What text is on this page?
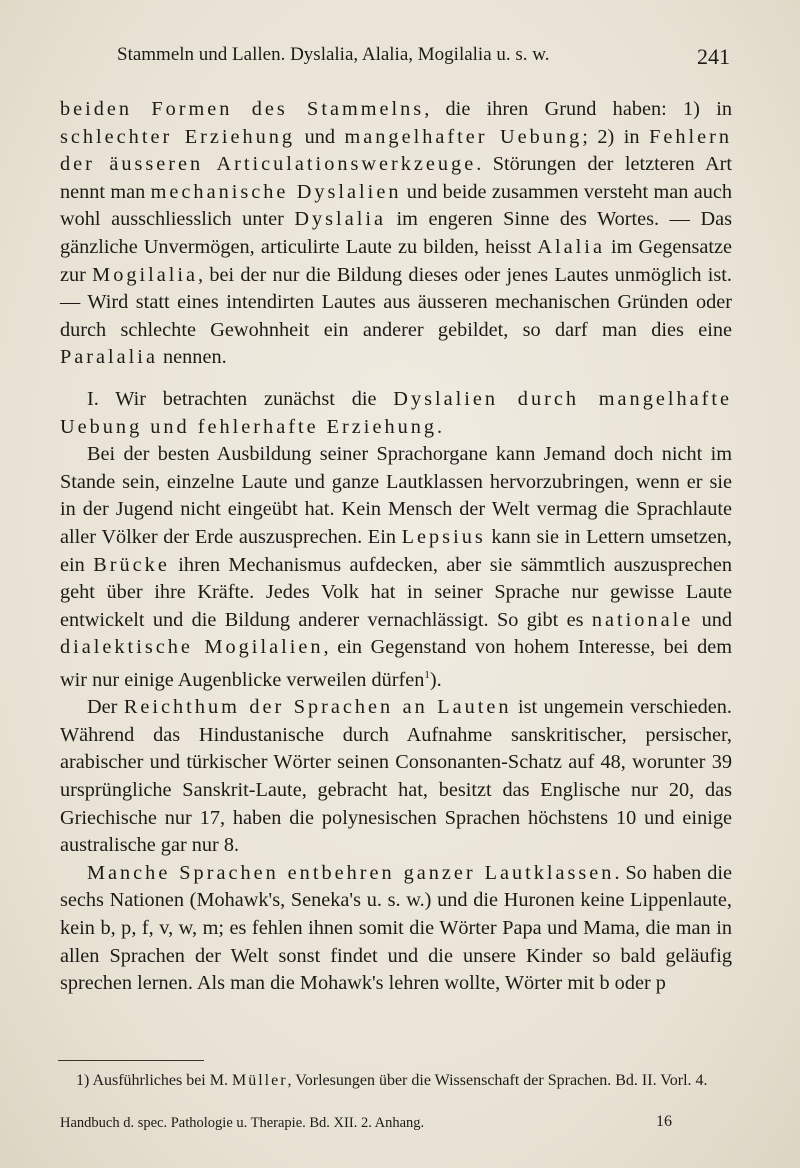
Stammeln und Lallen. Dyslalia, Alalia, Mogilalia u. s. w.	241

beiden Formen des Stammelns, die ihren Grund haben: 1) in schlechter Erziehung und mangelhafter Uebung; 2) in Fehlern der äusseren Articulationswerkzeuge. Störungen der letzteren Art nennt man mechanische Dyslalien und beide zusammen versteht man auch wohl ausschliesslich unter Dyslalia im engeren Sinne des Wortes. — Das gänzliche Unvermögen, articulirte Laute zu bilden, heisst Alalia im Gegensatze zur Mogilalia, bei der nur die Bildung dieses oder jenes Lautes unmöglich ist. — Wird statt eines intendirten Lautes aus äusseren mechanischen Gründen oder durch schlechte Gewohnheit ein anderer gebildet, so darf man dies eine Paralalia nennen.

I. Wir betrachten zunächst die Dyslalien durch mangelhafte Uebung und fehlerhafte Erziehung.

Bei der besten Ausbildung seiner Sprachorgane kann Jemand doch nicht im Stande sein, einzelne Laute und ganze Lautklassen hervorzubringen, wenn er sie in der Jugend nicht eingeübt hat. Kein Mensch der Welt vermag die Sprachlaute aller Völker der Erde auszusprechen. Ein Lepsius kann sie in Lettern umsetzen, ein Brücke ihren Mechanismus aufdecken, aber sie sämmtlich auszusprechen geht über ihre Kräfte. Jedes Volk hat in seiner Sprache nur gewisse Laute entwickelt und die Bildung anderer vernachlässigt. So gibt es nationale und dialektische Mogilalien, ein Gegenstand von hohem Interesse, bei dem wir nur einige Augenblicke verweilen dürfen$^1$).

Der Reichthum der Sprachen an Lauten ist ungemein verschieden. Während das Hindustanische durch Aufnahme sanskritischer, persischer, arabischer und türkischer Wörter seinen Consonanten-Schatz auf 48, worunter 39 ursprüngliche Sanskrit-Laute, gebracht hat, besitzt das Englische nur 20, das Griechische nur 17, haben die polynesischen Sprachen höchstens 10 und einige australische gar nur 8.

Manche Sprachen entbehren ganzer Lautklassen. So haben die sechs Nationen (Mohawk's, Seneka's u. s. w.) und die Huronen keine Lippenlaute, kein b, p, f, v, w, m; es fehlen ihnen somit die Wörter Papa und Mama, die man in allen Sprachen der Welt sonst findet und die unsere Kinder so bald geläufig sprechen lernen. Als man die Mohawk's lehren wollte, Wörter mit b oder p

1) Ausführliches bei M. Müller, Vorlesungen über die Wissenschaft der Sprachen. Bd. II. Vorl. 4.

Handbuch d. spec. Pathologie u. Therapie. Bd. XII. 2. Anhang.	16
